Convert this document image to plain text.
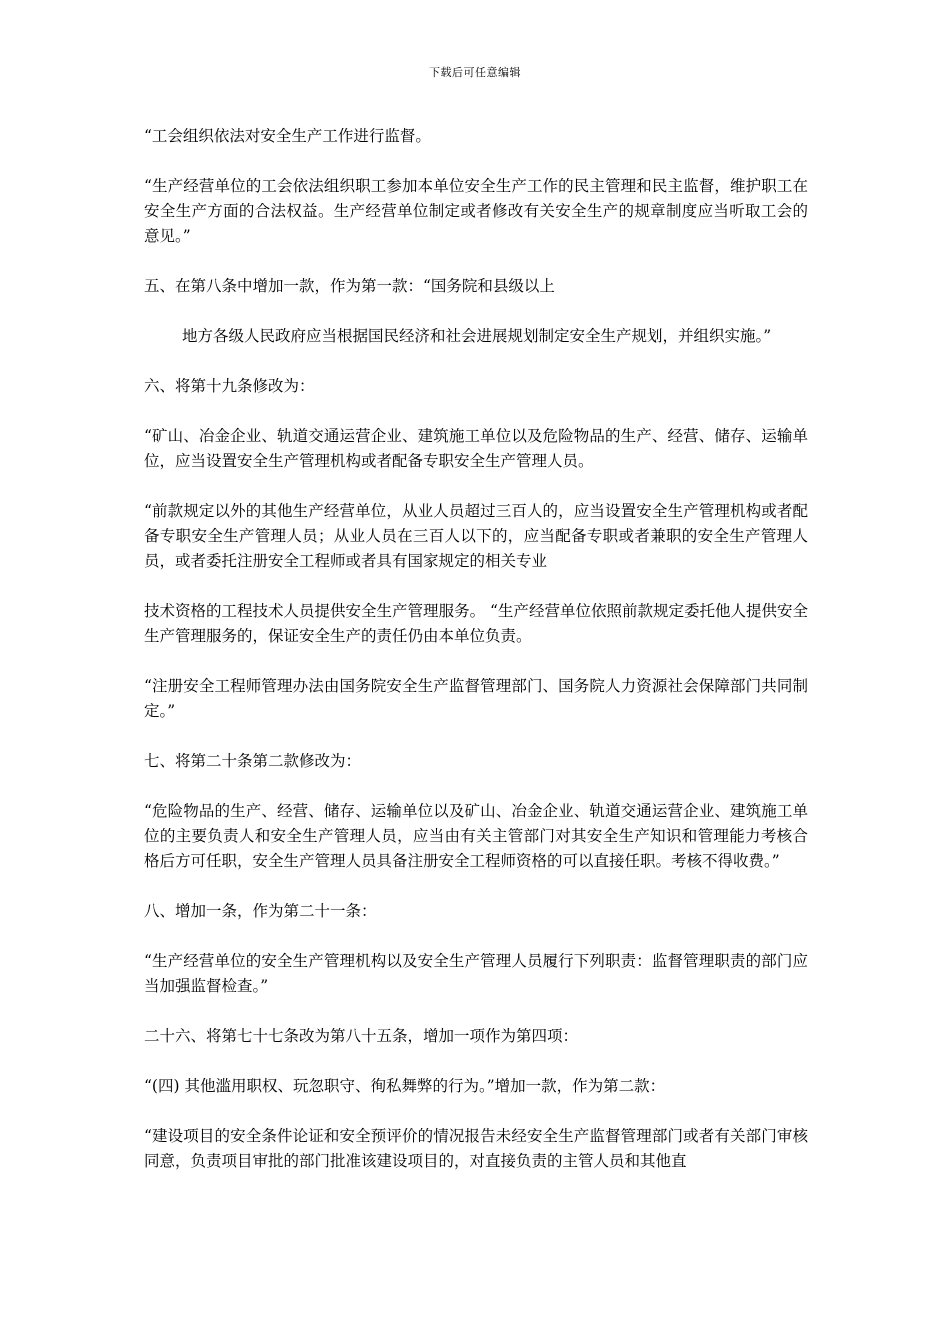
下载后可任意编辑

“工会组织依法对安全生产工作进行监督。

“生产经营单位的工会依法组织职工参加本单位安全生产工作的民主管理和民主监督，维护职工在安全生产方面的合法权益。生产经营单位制定或者修改有关安全生产的规章制度应当听取工会的意见。”

五、在第八条中增加一款，作为第一款：“国务院和县级以上

地方各级人民政府应当根据国民经济和社会进展规划制定安全生产规划，并组织实施。”

六、将第十九条修改为：

“矿山、冶金企业、轨道交通运营企业、建筑施工单位以及危险物品的生产、经营、储存、运输单位，应当设置安全生产管理机构或者配备专职安全生产管理人员。

“前款规定以外的其他生产经营单位，从业人员超过三百人的，应当设置安全生产管理机构或者配备专职安全生产管理人员；从业人员在三百人以下的，应当配备专职或者兼职的安全生产管理人员，或者委托注册安全工程师或者具有国家规定的相关专业

技术资格的工程技术人员提供安全生产管理服务。 “生产经营单位依照前款规定委托他人提供安全生产管理服务的，保证安全生产的责任仍由本单位负责。

“注册安全工程师管理办法由国务院安全生产监督管理部门、国务院人力资源社会保障部门共同制定。”

七、将第二十条第二款修改为：

“危险物品的生产、经营、储存、运输单位以及矿山、冶金企业、轨道交通运营企业、建筑施工单位的主要负责人和安全生产管理人员，应当由有关主管部门对其安全生产知识和管理能力考核合格后方可任职，安全生产管理人员具备注册安全工程师资格的可以直接任职。考核不得收费。”

八、增加一条，作为第二十一条：

“生产经营单位的安全生产管理机构以及安全生产管理人员履行下列职责：监督管理职责的部门应当加强监督检查。”

二十六、将第七十七条改为第八十五条，增加一项作为第四项：

“(四) 其他滥用职权、玩忽职守、徇私舞弊的行为。”增加一款，作为第二款：

“建设项目的安全条件论证和安全预评价的情况报告未经安全生产监督管理部门或者有关部门审核同意，负责项目审批的部门批准该建设项目的，对直接负责的主管人员和其他直
